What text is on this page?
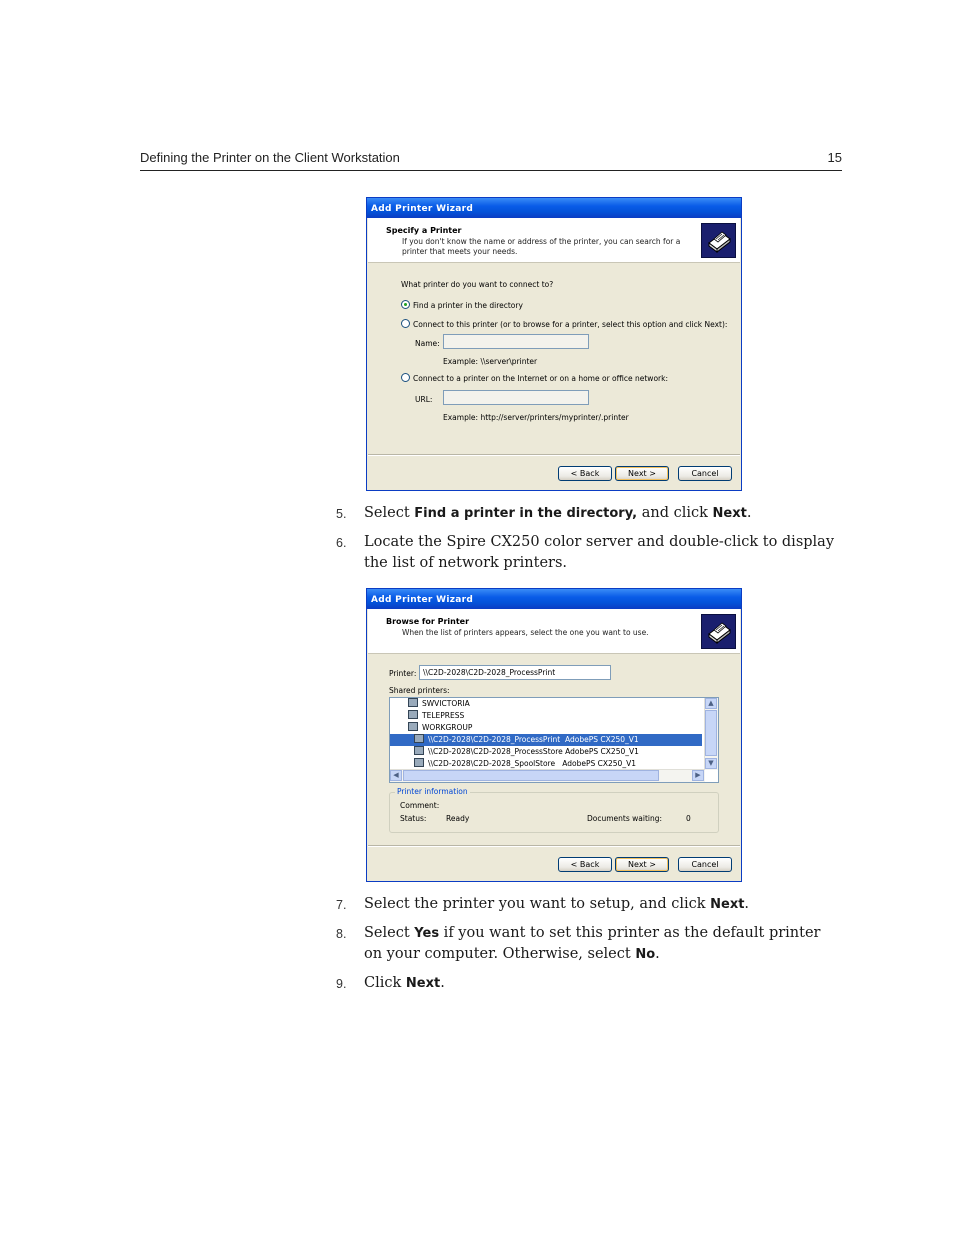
Defining the Printer on the Client Workstation	15
Add Printer Wizard
Specify a Printer
If you don't know the name or address of the printer, you can search for a printer that meets your needs.
What printer do you want to connect to?
Find a printer in the directory
Connect to this printer (or to browse for a printer, select this option and click Next):
Name:
Example: \\server\printer
Connect to a printer on the Internet or on a home or office network:
URL:
Example: http://server/printers/myprinter/.printer
< Back	Next >	Cancel
5. Select Find a printer in the directory, and click Next.
6. Locate the Spire CX250 color server and double-click to display the list of network printers.
Add Printer Wizard
Browse for Printer
When the list of printers appears, select the one you want to use.
Printer: \\C2D-2028\C2D-2028_ProcessPrint
Shared printers:
SWVICTORIA
TELEPRESS
WORKGROUP
\\C2D-2028\C2D-2028_ProcessPrint AdobePS CX250_V1
\\C2D-2028\C2D-2028_ProcessStore AdobePS CX250_V1
\\C2D-2028\C2D-2028_SpoolStore AdobePS CX250_V1
▲
▼
◀	▶
Printer information
Comment:
Status:	Ready	Documents waiting:	0
< Back	Next >	Cancel
7. Select the printer you want to setup, and click Next.
8. Select Yes if you want to set this printer as the default printer on your computer. Otherwise, select No.
9. Click Next.
